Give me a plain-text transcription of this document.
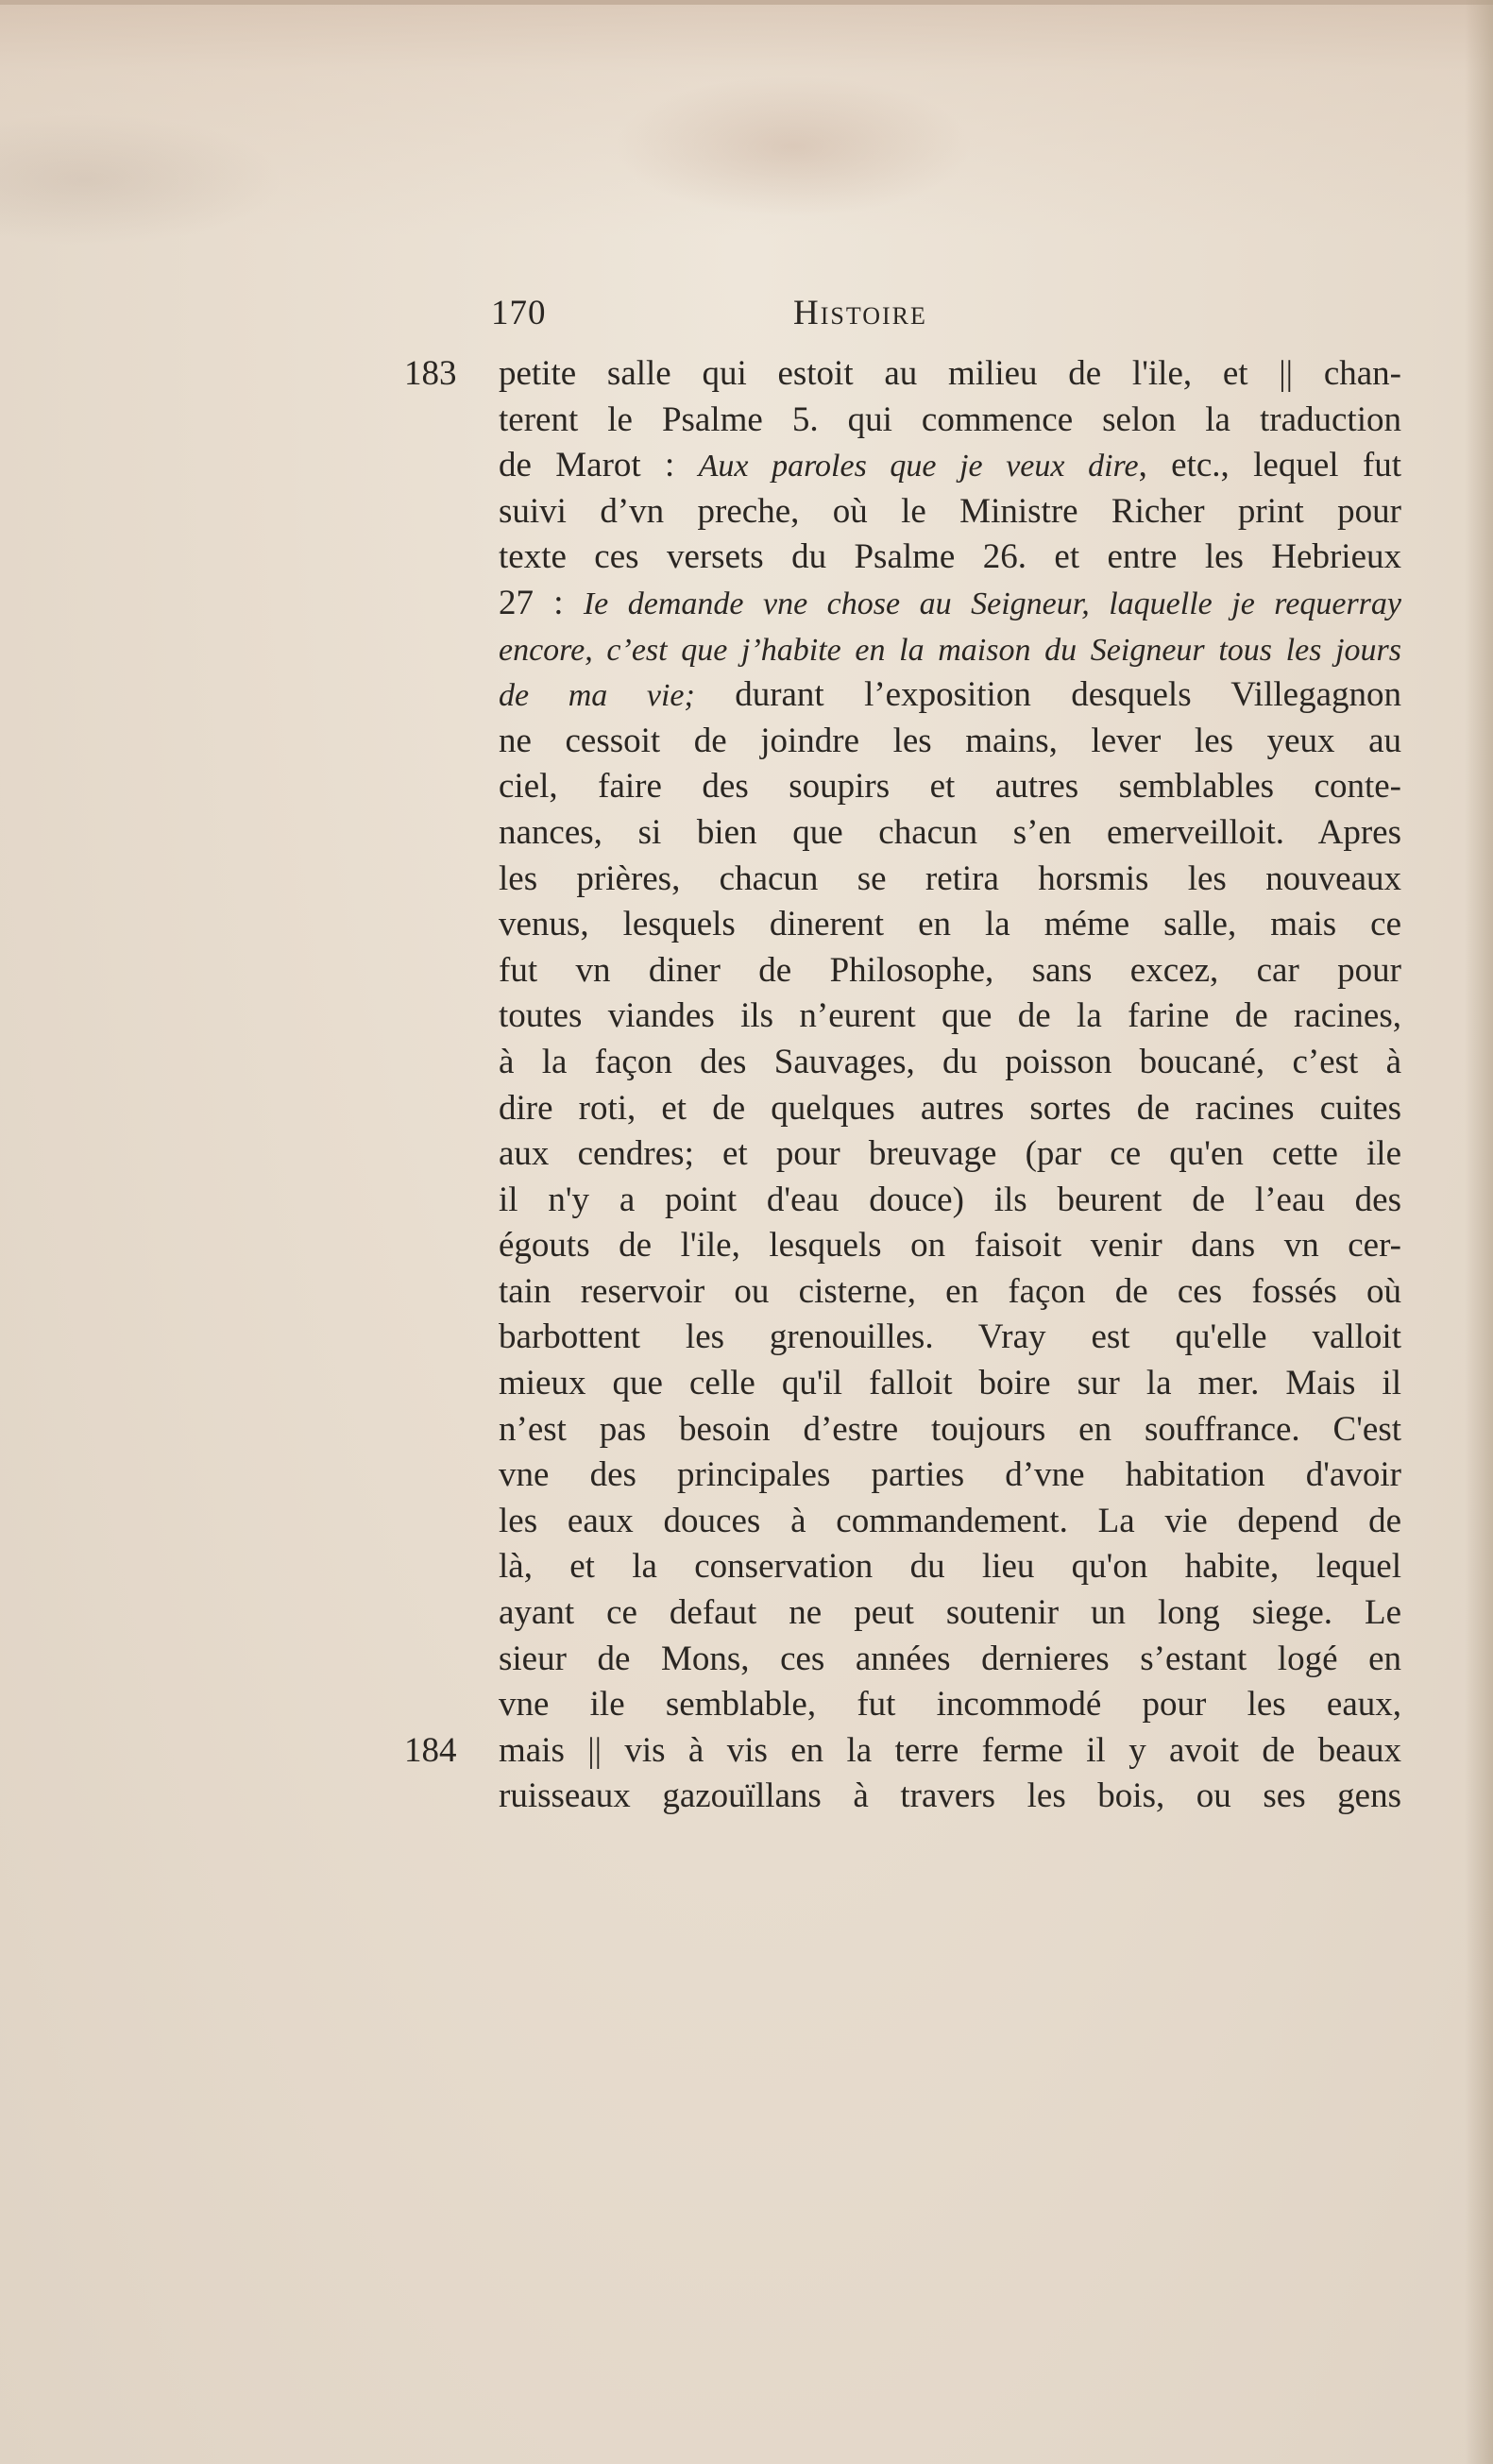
170	Histoire
183
184
petite salle qui estoit au milieu de l'ile, et || chan-
terent le Psalme 5. qui commence selon la traduction
de Marot : Aux paroles que je veux dire, etc., lequel fut
suivi d’vn preche, où le Ministre Richer print pour
texte ces versets du Psalme 26. et entre les Hebrieux
27 : Ie demande vne chose au Seigneur, laquelle je requerray
encore, c’est que j’habite en la maison du Seigneur tous les jours
de ma vie; durant l’exposition desquels Villegagnon
ne cessoit de joindre les mains, lever les yeux au
ciel, faire des soupirs et autres semblables conte-
nances, si bien que chacun s’en emerveilloit. Apres
les prières, chacun se retira horsmis les nouveaux
venus, lesquels dinerent en la méme salle, mais ce
fut vn diner de Philosophe, sans excez, car pour
toutes viandes ils n’eurent que de la farine de racines,
à la façon des Sauvages, du poisson boucané, c’est à
dire roti, et de quelques autres sortes de racines cuites
aux cendres; et pour breuvage (par ce qu'en cette ile
il n'y a point d'eau douce) ils beurent de l’eau des
égouts de l'ile, lesquels on faisoit venir dans vn cer-
tain reservoir ou cisterne, en façon de ces fossés où
barbottent les grenouilles. Vray est qu'elle valloit
mieux que celle qu'il falloit boire sur la mer. Mais il
n’est pas besoin d’estre toujours en souffrance. C'est
vne des principales parties d’vne habitation d'avoir
les eaux douces à commandement. La vie depend de
là, et la conservation du lieu qu'on habite, lequel
ayant ce defaut ne peut soutenir un long siege. Le
sieur de Mons, ces années dernieres s’estant logé en
vne ile semblable, fut incommodé pour les eaux,
mais || vis à vis en la terre ferme il y avoit de beaux
ruisseaux gazouïllans à travers les bois, ou ses gens
